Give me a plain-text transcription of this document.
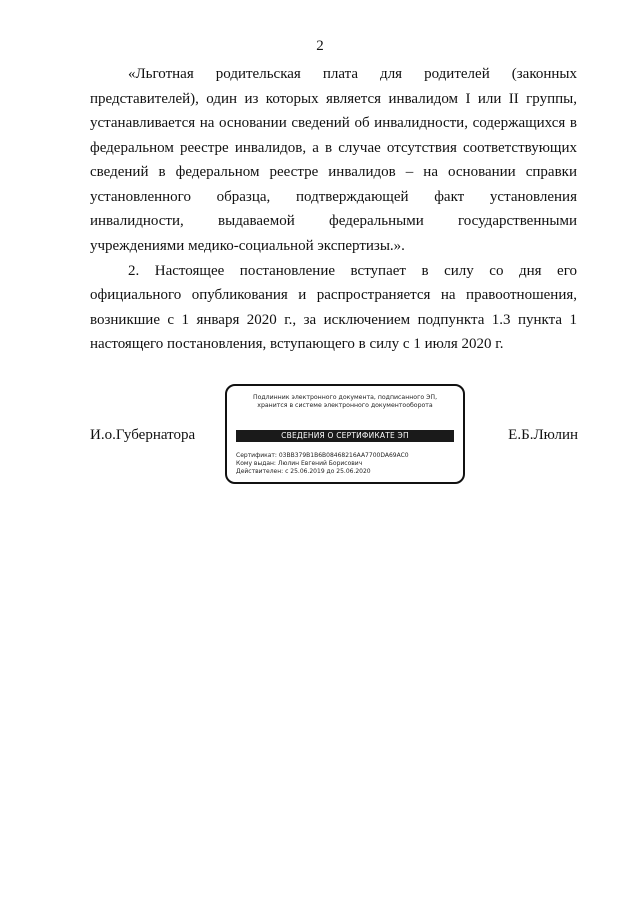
2

«Льготная родительская плата для родителей (законных представителей), один из которых является инвалидом I или II группы, устанавливается на основании сведений об инвалидности, содержащихся в федеральном реестре инвалидов, а в случае отсутствия соответствующих сведений в федеральном реестре инвалидов – на основании справки установленного образца, подтверждающей факт установления инвалидности, выдаваемой федеральными государственными учреждениями медико-социальной экспертизы.».

2. Настоящее постановление вступает в силу со дня его официального опубликования и распространяется на правоотношения, возникшие с 1 января 2020 г., за исключением подпункта 1.3 пункта 1 настоящего постановления, вступающего в силу с 1 июля 2020 г.

И.о.Губернатора
Подлинник электронного документа, подписанного ЭП,
хранится в системе электронного документооборота
СВЕДЕНИЯ О СЕРТИФИКАТЕ ЭП
Сертификат: 03BB379B1B6B08468216AA7700DA69AC0
Кому выдан: Люлин Евгений Борисович
Действителен: с 25.06.2019 до 25.06.2020
Е.Б.Люлин
